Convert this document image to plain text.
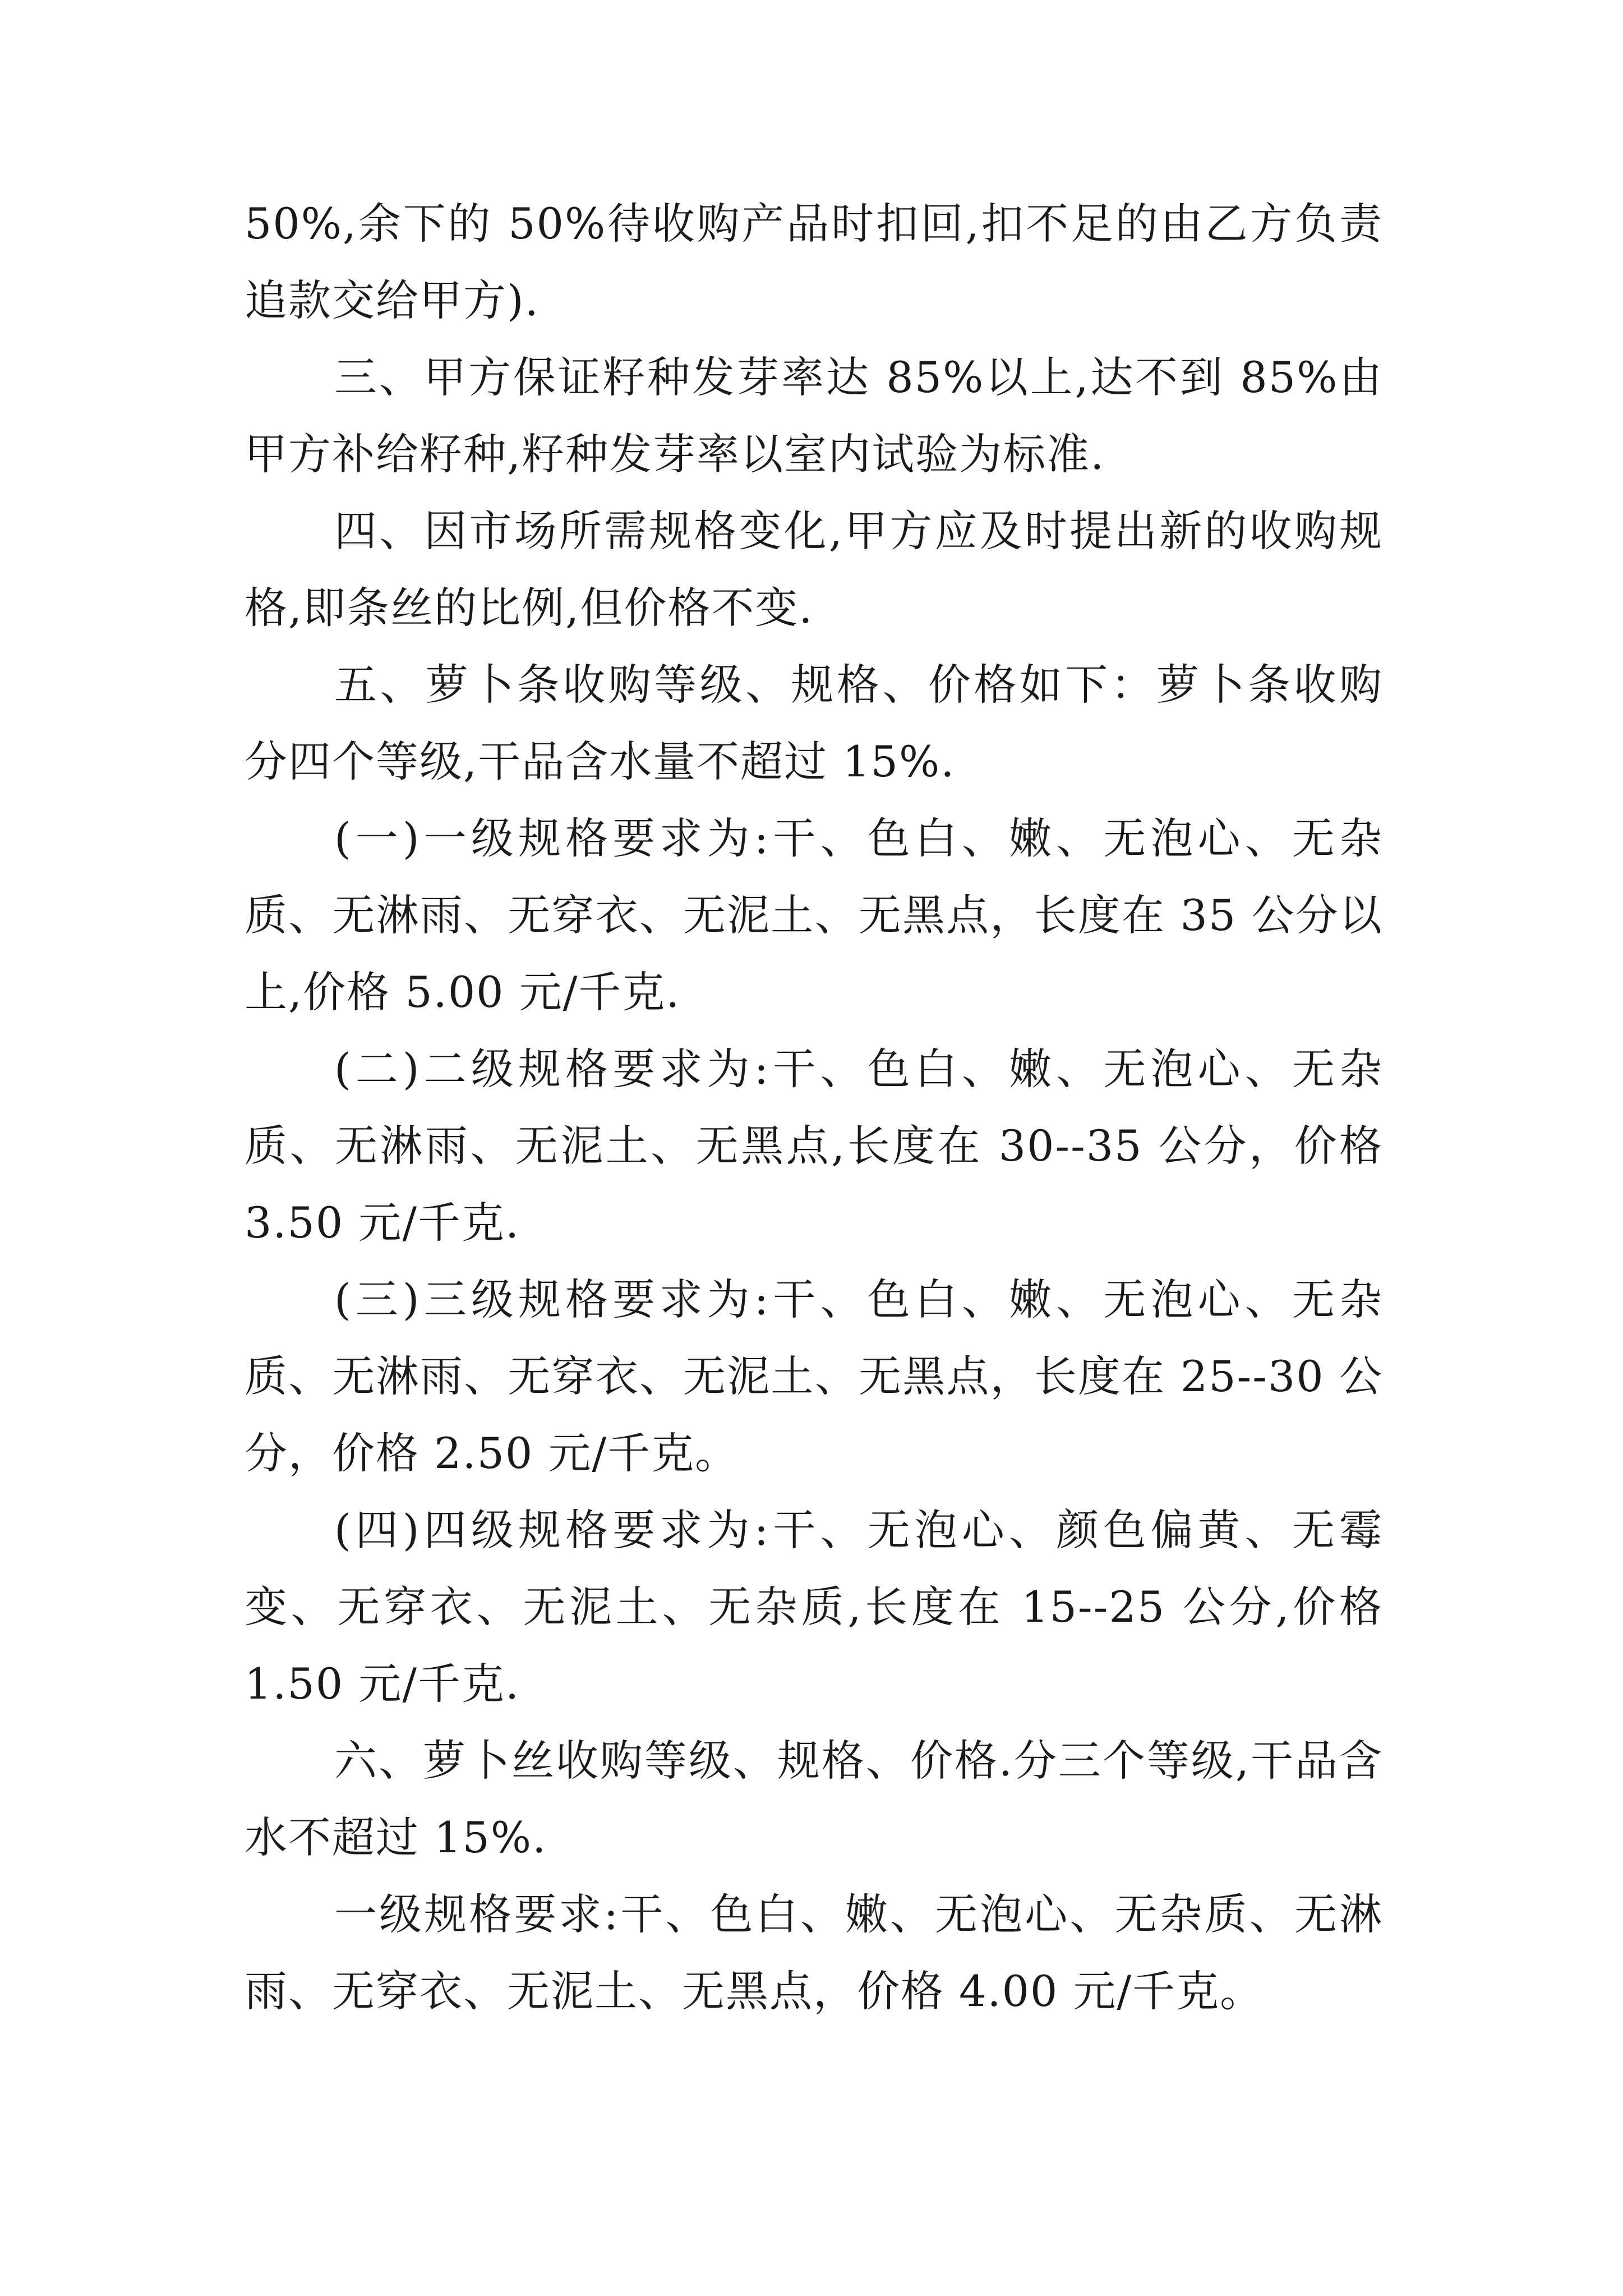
50%,余下的 50%待收购产品时扣回,扣不足的由乙方负责追款交给甲方).

三、甲方保证籽种发芽率达 85%以上,达不到 85%由甲方补给籽种,籽种发芽率以室内试验为标准.

四、因市场所需规格变化,甲方应及时提出新的收购规格,即条丝的比例,但价格不变.

五、萝卜条收购等级、规格、价格如下：萝卜条收购分四个等级,干品含水量不超过 15%.

(一)一级规格要求为:干、色白、嫩、无泡心、无杂质、无淋雨、无穿衣、无泥土、无黑点，长度在 35 公分以上,价格 5.00 元/千克.

(二)二级规格要求为:干、色白、嫩、无泡心、无杂质、无淋雨、无泥土、无黑点,长度在 30--35 公分，价格 3.50 元/千克.

(三)三级规格要求为:干、色白、嫩、无泡心、无杂质、无淋雨、无穿衣、无泥土、无黑点，长度在 25--30 公分，价格 2.50 元/千克。

(四)四级规格要求为:干、无泡心、颜色偏黄、无霉变、无穿衣、无泥土、无杂质,长度在 15--25 公分,价格 1.50 元/千克.

六、萝卜丝收购等级、规格、价格.分三个等级,干品含水不超过 15%.

一级规格要求:干、色白、嫩、无泡心、无杂质、无淋雨、无穿衣、无泥土、无黑点，价格 4.00 元/千克。
